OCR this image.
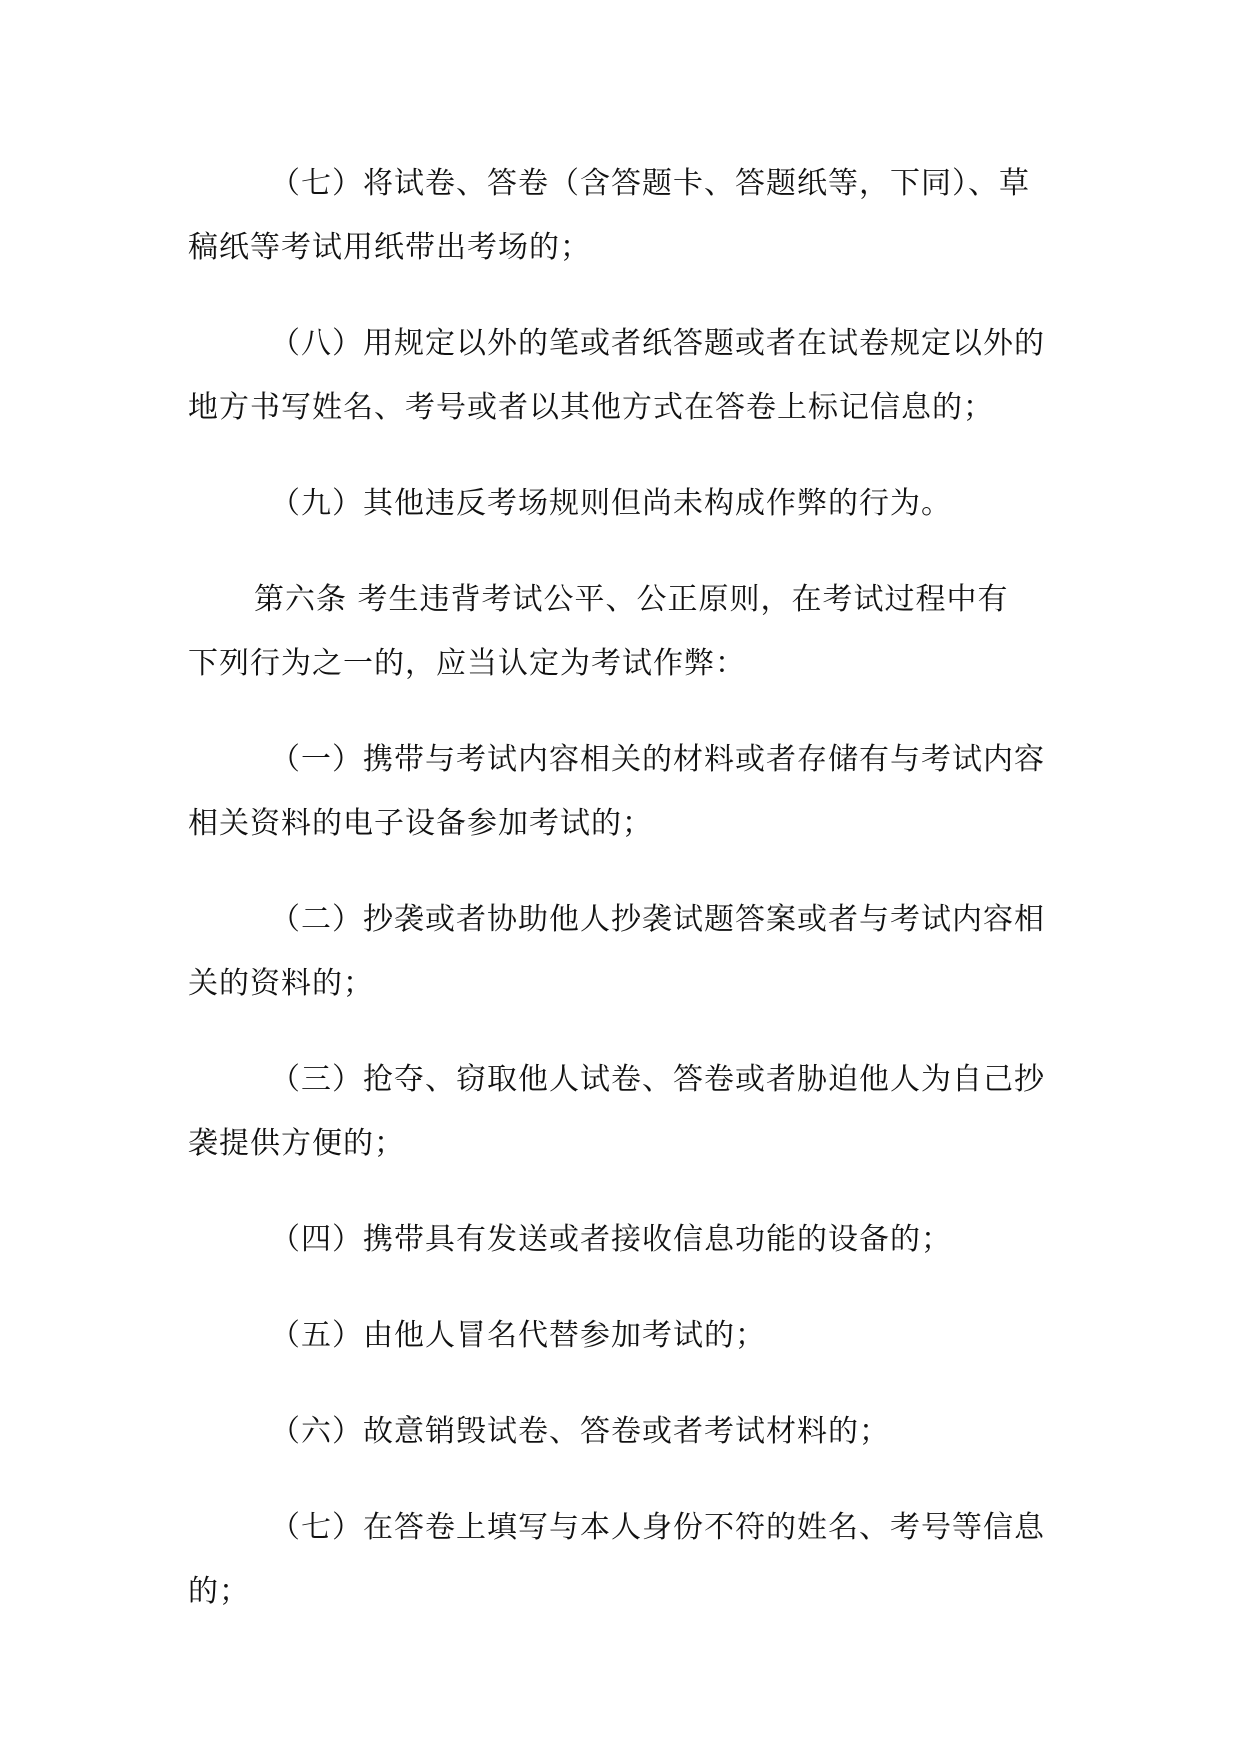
（七）将试卷、答卷（含答题卡、答题纸等，下同）、草稿纸等考试用纸带出考场的；

（八）用规定以外的笔或者纸答题或者在试卷规定以外的地方书写姓名、考号或者以其他方式在答卷上标记信息的；

（九）其他违反考场规则但尚未构成作弊的行为。

第六条 考生违背考试公平、公正原则，在考试过程中有下列行为之一的，应当认定为考试作弊：

（一）携带与考试内容相关的材料或者存储有与考试内容相关资料的电子设备参加考试的；

（二）抄袭或者协助他人抄袭试题答案或者与考试内容相关的资料的；

（三）抢夺、窃取他人试卷、答卷或者胁迫他人为自己抄袭提供方便的；

（四）携带具有发送或者接收信息功能的设备的；

（五）由他人冒名代替参加考试的；

（六）故意销毁试卷、答卷或者考试材料的；

（七）在答卷上填写与本人身份不符的姓名、考号等信息的；
